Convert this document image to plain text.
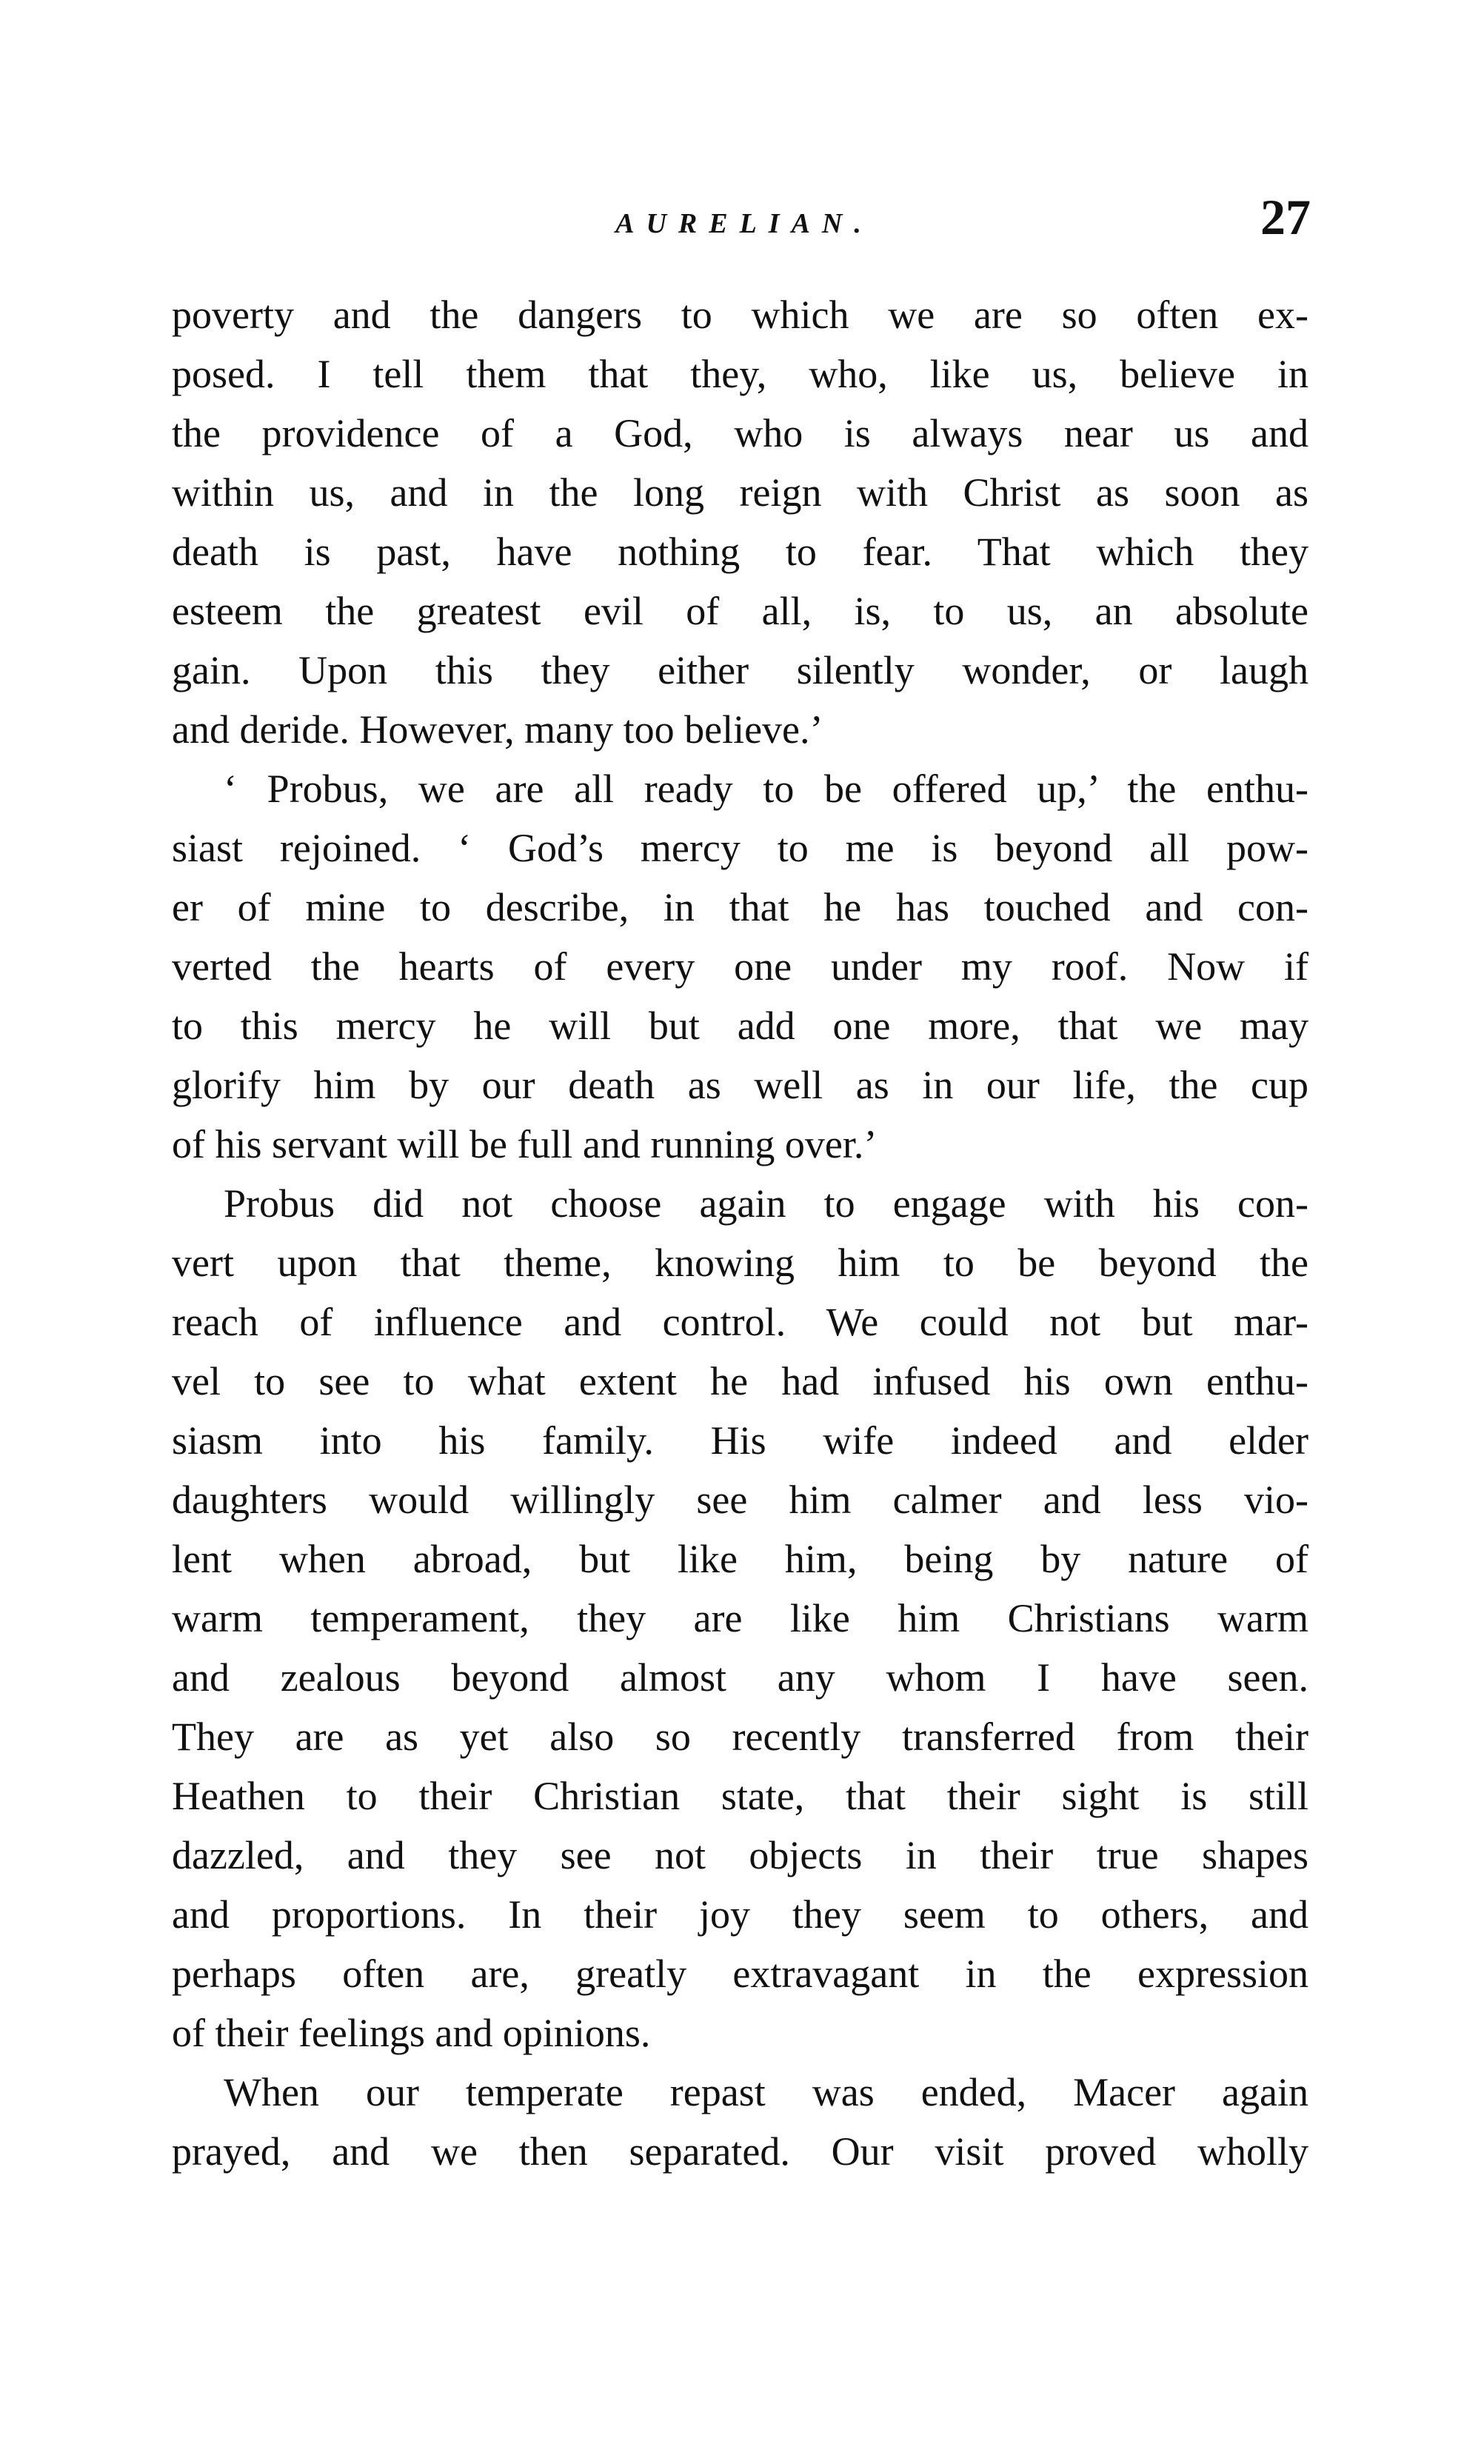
AURELIAN.	27
poverty and the dangers to which we are so often ex-
posed. I tell them that they, who, like us, believe in
the providence of a God, who is always near us and
within us, and in the long reign with Christ as soon as
death is past, have nothing to fear. That which they
esteem the greatest evil of all, is, to us, an absolute
gain. Upon this they either silently wonder, or laugh
and deride. However, many too believe.’
‘ Probus, we are all ready to be offered up,’ the enthu-
siast rejoined. ‘ God’s mercy to me is beyond all pow-
er of mine to describe, in that he has touched and con-
verted the hearts of every one under my roof. Now if
to this mercy he will but add one more, that we may
glorify him by our death as well as in our life, the cup
of his servant will be full and running over.’
Probus did not choose again to engage with his con-
vert upon that theme, knowing him to be beyond the
reach of influence and control. We could not but mar-
vel to see to what extent he had infused his own enthu-
siasm into his family. His wife indeed and elder
daughters would willingly see him calmer and less vio-
lent when abroad, but like him, being by nature of
warm temperament, they are like him Christians warm
and zealous beyond almost any whom I have seen.
They are as yet also so recently transferred from their
Heathen to their Christian state, that their sight is still
dazzled, and they see not objects in their true shapes
and proportions. In their joy they seem to others, and
perhaps often are, greatly extravagant in the expression
of their feelings and opinions.
When our temperate repast was ended, Macer again
prayed, and we then separated. Our visit proved wholly
